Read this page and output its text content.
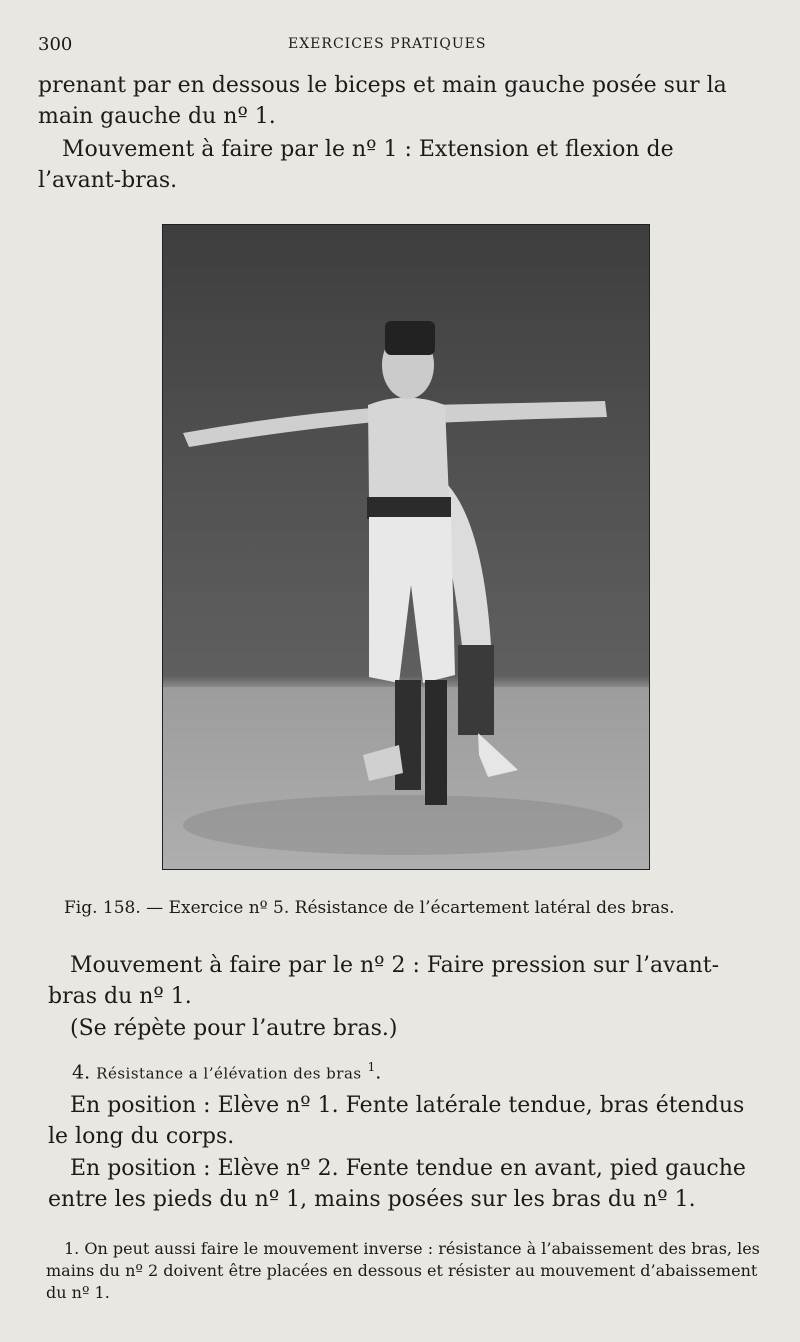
300	EXERCICES PRATIQUES

prenant par en dessous le biceps et main gauche posée sur la main gauche du nº 1.

Mouvement à faire par le nº 1 : Extension et flexion de l’avant-bras.

Fig. 158. — Exercice nº 5. Résistance de l’écartement latéral des bras.

Mouvement à faire par le nº 2 : Faire pression sur l’avant-bras du nº 1.

(Se répète pour l’autre bras.)

4. Résistance a l’élévation des bras $^1$.

En position : Elève nº 1. Fente latérale tendue, bras étendus le long du corps.

En position : Elève nº 2. Fente tendue en avant, pied gauche entre les pieds du nº 1, mains posées sur les bras du nº 1.

1. On peut aussi faire le mouvement inverse : résistance à l’abaissement des bras, les mains du nº 2 doivent être placées en dessous et résister au mouvement d’abaissement du nº 1.
